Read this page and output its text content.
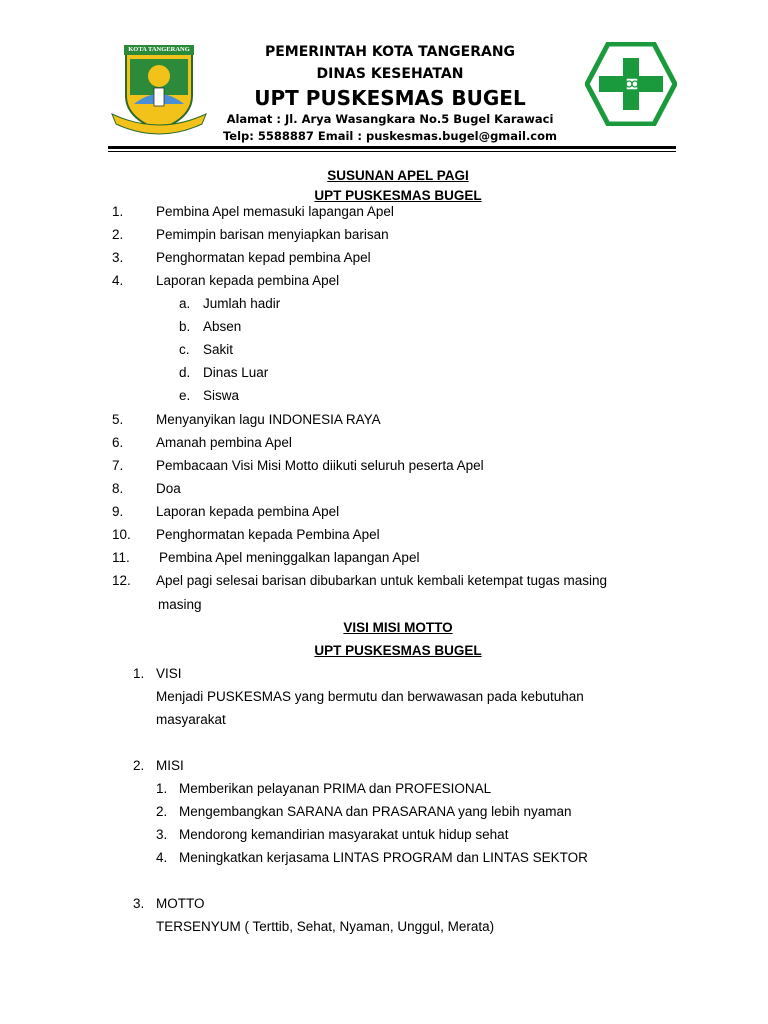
KOTA TANGERANG	PEMERINTAH KOTA TANGERANG
DINAS KESEHATAN
UPT PUSKESMAS BUGEL
Alamat : Jl. Arya Wasangkara No.5 Bugel Karawaci
Telp: 5588887 Email : puskesmas.bugel@gmail.com
SUSUNAN APEL PAGI
UPT PUSKESMAS BUGEL
1. Pembina Apel memasuki lapangan Apel
2. Pemimpin barisan menyiapkan barisan
3. Penghormatan kepad pembina Apel
4. Laporan kepada pembina Apel
a. Jumlah hadir
b. Absen
c. Sakit
d. Dinas Luar
e. Siswa
5. Menyanyikan lagu INDONESIA RAYA
6. Amanah pembina Apel
7. Pembacaan Visi Misi Motto diikuti seluruh peserta Apel
8. Doa
9. Laporan kepada pembina Apel
10. Penghormatan kepada Pembina Apel
11. Pembina Apel meninggalkan lapangan Apel
12. Apel pagi selesai barisan dibubarkan untuk kembali ketempat tugas masing
masing
VISI MISI MOTTO
UPT PUSKESMAS BUGEL
1. VISI
Menjadi PUSKESMAS yang bermutu dan berwawasan pada kebutuhan
masyarakat
2. MISI
1. Memberikan pelayanan PRIMA dan PROFESIONAL
2. Mengembangkan SARANA dan PRASARANA yang lebih nyaman
3. Mendorong kemandirian masyarakat untuk hidup sehat
4. Meningkatkan kerjasama LINTAS PROGRAM dan LINTAS SEKTOR
3. MOTTO
TERSENYUM ( Terttib, Sehat, Nyaman, Unggul, Merata)
